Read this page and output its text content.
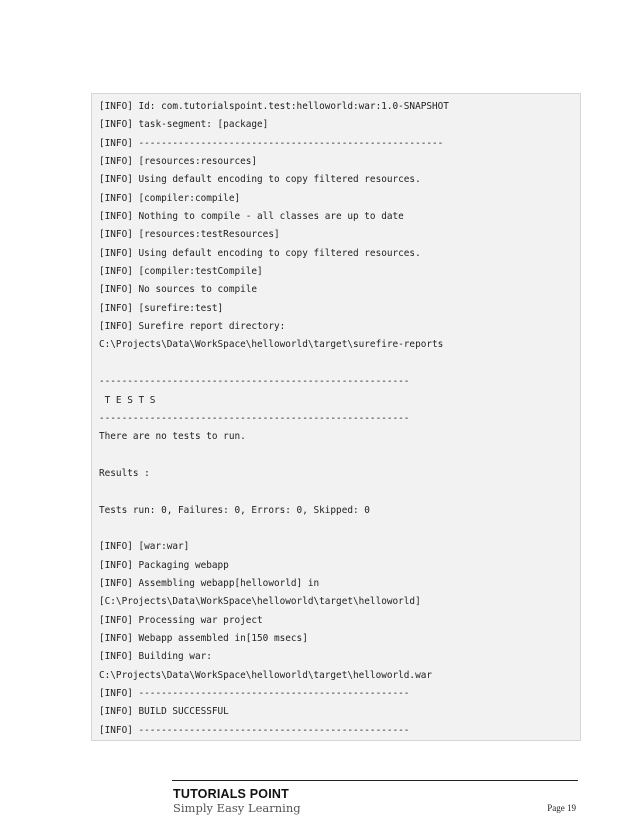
[INFO] Id: com.tutorialspoint.test:helloworld:war:1.0-SNAPSHOT
[INFO] task-segment: [package]
[INFO] ------------------------------------------------------
[INFO] [resources:resources]
[INFO] Using default encoding to copy filtered resources.
[INFO] [compiler:compile]
[INFO] Nothing to compile - all classes are up to date
[INFO] [resources:testResources]
[INFO] Using default encoding to copy filtered resources.
[INFO] [compiler:testCompile]
[INFO] No sources to compile
[INFO] [surefire:test]
[INFO] Surefire report directory:
C:\Projects\Data\WorkSpace\helloworld\target\surefire-reports
-------------------------------------------------------
T E S T S
-------------------------------------------------------
There are no tests to run.
Results :
Tests run: 0, Failures: 0, Errors: 0, Skipped: 0
[INFO] [war:war]
[INFO] Packaging webapp
[INFO] Assembling webapp[helloworld] in
[C:\Projects\Data\WorkSpace\helloworld\target\helloworld]
[INFO] Processing war project
[INFO] Webapp assembled in[150 msecs]
[INFO] Building war:
C:\Projects\Data\WorkSpace\helloworld\target\helloworld.war
[INFO] ------------------------------------------------
[INFO] BUILD SUCCESSFUL
[INFO] ------------------------------------------------
TUTORIALS POINT
Simply Easy Learning	Page 19
